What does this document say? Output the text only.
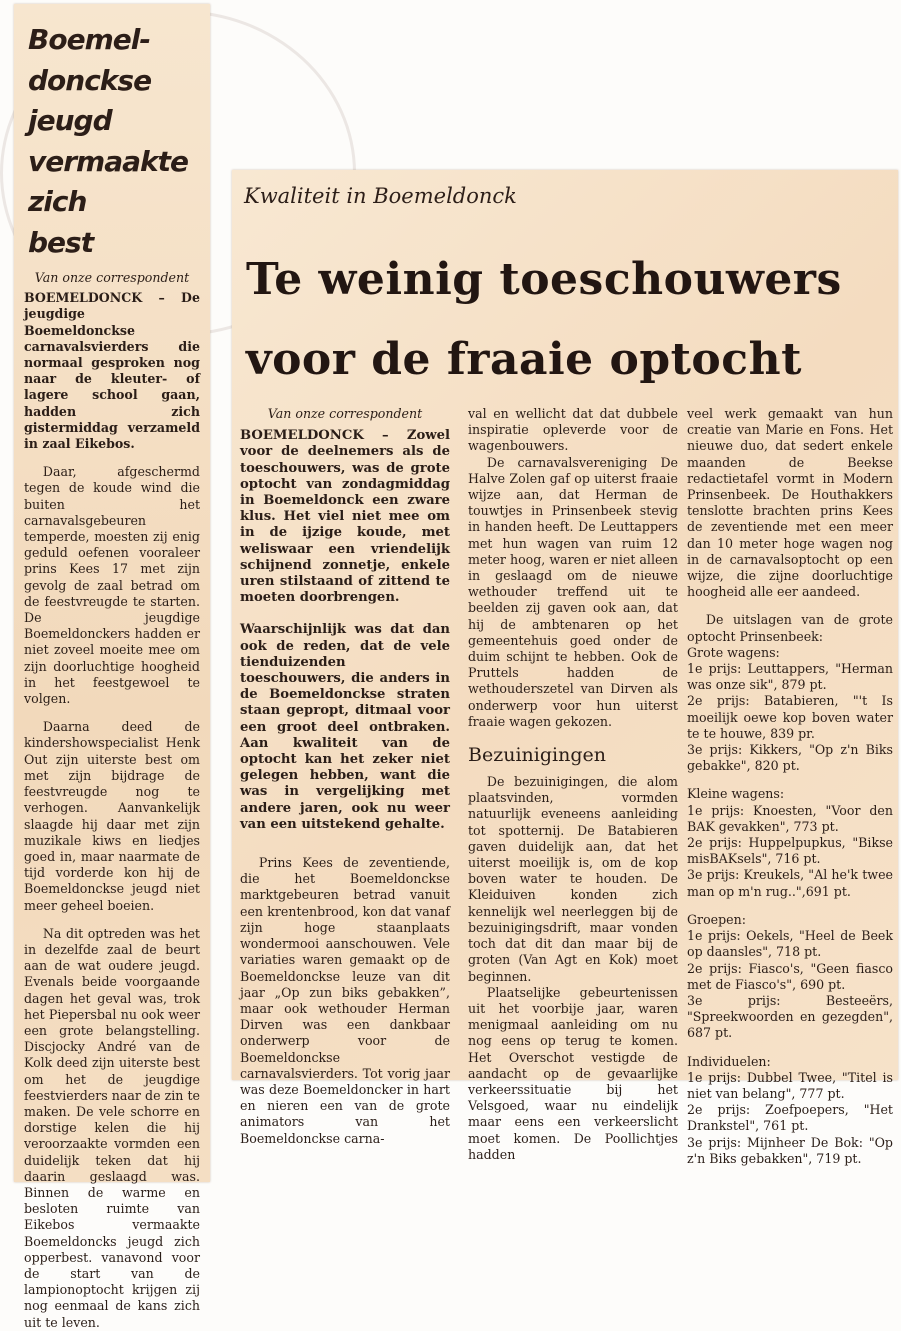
Boemel-
donckse
jeugd
vermaakte
zich
best

Van onze correspondent

BOEMELDONCK – De jeugdige Boemeldonckse carnavalsvierders die normaal gesproken nog naar de kleuter- of lagere school gaan, hadden zich gistermiddag verzameld in zaal Eikebos.

Daar, afgeschermd tegen de koude wind die buiten het carnavalsgebeuren temperde, moesten zij enig geduld oefenen vooraleer prins Kees 17 met zijn gevolg de zaal betrad om de feestvreugde te starten. De jeugdige Boemeldonckers hadden er niet zoveel moeite mee om zijn doorluchtige hoogheid in het feestgewoel te volgen.

Daarna deed de kindershowspecialist Henk Out zijn uiterste best om met zijn bijdrage de feestvreugde nog te verhogen. Aanvankelijk slaagde hij daar met zijn muzikale kiws en liedjes goed in, maar naarmate de tijd vorderde kon hij de Boemeldonckse jeugd niet meer geheel boeien.

Na dit optreden was het in dezelfde zaal de beurt aan de wat oudere jeugd. Evenals beide voorgaande dagen het geval was, trok het Piepersbal nu ook weer een grote belangstelling. Discjocky André van de Kolk deed zijn uiterste best om het de jeugdige feestvierders naar de zin te maken. De vele schorre en dorstige kelen die hij veroorzaakte vormden een duidelijk teken dat hij daarin geslaagd was. Binnen de warme en besloten ruimte van Eikebos vermaakte Boemeldoncks jeugd zich opperbest. vanavond voor de start van de lampionoptocht krijgen zij nog eenmaal de kans zich uit te leven.

Kwaliteit in Boemeldonck
Te weinig toeschouwers
voor de fraaie optocht

Van onze correspondent

BOEMELDONCK – Zowel voor de deelnemers als de toeschouwers, was de grote optocht van zondagmiddag in Boemeldonck een zware klus. Het viel niet mee om in de ijzige koude, met weliswaar een vriendelijk schijnend zonnetje, enkele uren stilstaand of zittend te moeten doorbrengen.

Waarschijnlijk was dat dan ook de reden, dat de vele tienduizenden toeschouwers, die anders in de Boemeldonckse straten staan gepropt, ditmaal voor een groot deel ontbraken. Aan kwaliteit van de optocht kan het zeker niet gelegen hebben, want die was in vergelijking met andere jaren, ook nu weer van een uitstekend gehalte.

Prins Kees de zeventiende, die het Boemeldonckse marktgebeuren betrad vanuit een krentenbrood, kon dat vanaf zijn hoge staanplaats wondermooi aanschouwen. Vele variaties waren gemaakt op de Boemeldonckse leuze van dit jaar „Op zun biks gebakken”, maar ook wethouder Herman Dirven was een dankbaar onderwerp voor de Boemeldonckse carnavalsvierders. Tot vorig jaar was deze Boemeldoncker in hart en nieren een van de grote animators van het Boemeldonckse carna-

val en wellicht dat dat dubbele inspiratie opleverde voor de wagenbouwers.

De carnavalsvereniging De Halve Zolen gaf op uiterst fraaie wijze aan, dat Herman de touwtjes in Prinsenbeek stevig in handen heeft. De Leuttappers met hun wagen van ruim 12 meter hoog, waren er niet alleen in geslaagd om de nieuwe wethouder treffend uit te beelden zij gaven ook aan, dat hij de ambtenaren op het gemeentehuis goed onder de duim schijnt te hebben. Ook de Pruttels hadden de wethouderszetel van Dirven als onderwerp voor hun uiterst fraaie wagen gekozen.

Bezuinigingen

De bezuinigingen, die alom plaatsvinden, vormden natuurlijk eveneens aanleiding tot spotternij. De Batabieren gaven duidelijk aan, dat het uiterst moeilijk is, om de kop boven water te houden. De Kleiduiven konden zich kennelijk wel neerleggen bij de bezuinigingsdrift, maar vonden toch dat dit dan maar bij de groten (Van Agt en Kok) moet beginnen.

Plaatselijke gebeurtenissen uit het voorbije jaar, waren menigmaal aanleiding om nu nog eens op terug te komen. Het Overschot vestigde de aandacht op de gevaarlijke verkeerssituatie bij het Velsgoed, waar nu eindelijk maar eens een verkeerslicht moet komen. De Poollichtjes hadden

veel werk gemaakt van hun creatie van Marie en Fons. Het nieuwe duo, dat sedert enkele maanden de Beekse redactietafel vormt in Modern Prinsenbeek. De Houthakkers tenslotte brachten prins Kees de zeventiende met een meer dan 10 meter hoge wagen nog in de carnavalsoptocht op een wijze, die zijne doorluchtige hoogheid alle eer aandeed.

De uitslagen van de grote optocht Prinsenbeek:

Grote wagens:

1e prijs: Leuttappers, "Herman was onze sik", 879 pt.

2e prijs: Batabieren, "'t Is moeilijk oewe kop boven water te te houwe, 839 pr.

3e prijs: Kikkers, "Op z'n Biks gebakke", 820 pt.

Kleine wagens:

1e prijs: Knoesten, "Voor den BAK gevakken", 773 pt.

2e prijs: Huppelpupkus, "Bikse misBAKsels", 716 pt.

3e prijs: Kreukels, "Al he'k twee man op m'n rug..",691 pt.

Groepen:

1e prijs: Oekels, "Heel de Beek op daansles", 718 pt.

2e prijs: Fiasco's, "Geen fiasco met de Fiasco's", 690 pt.

3e prijs: Besteeërs, "Spreekwoorden en gezegden", 687 pt.

Individuelen:

1e prijs: Dubbel Twee, "Titel is niet van belang", 777 pt.

2e prijs: Zoefpoepers, "Het Drankstel", 761 pt.

3e prijs: Mijnheer De Bok: "Op z'n Biks gebakken", 719 pt.
